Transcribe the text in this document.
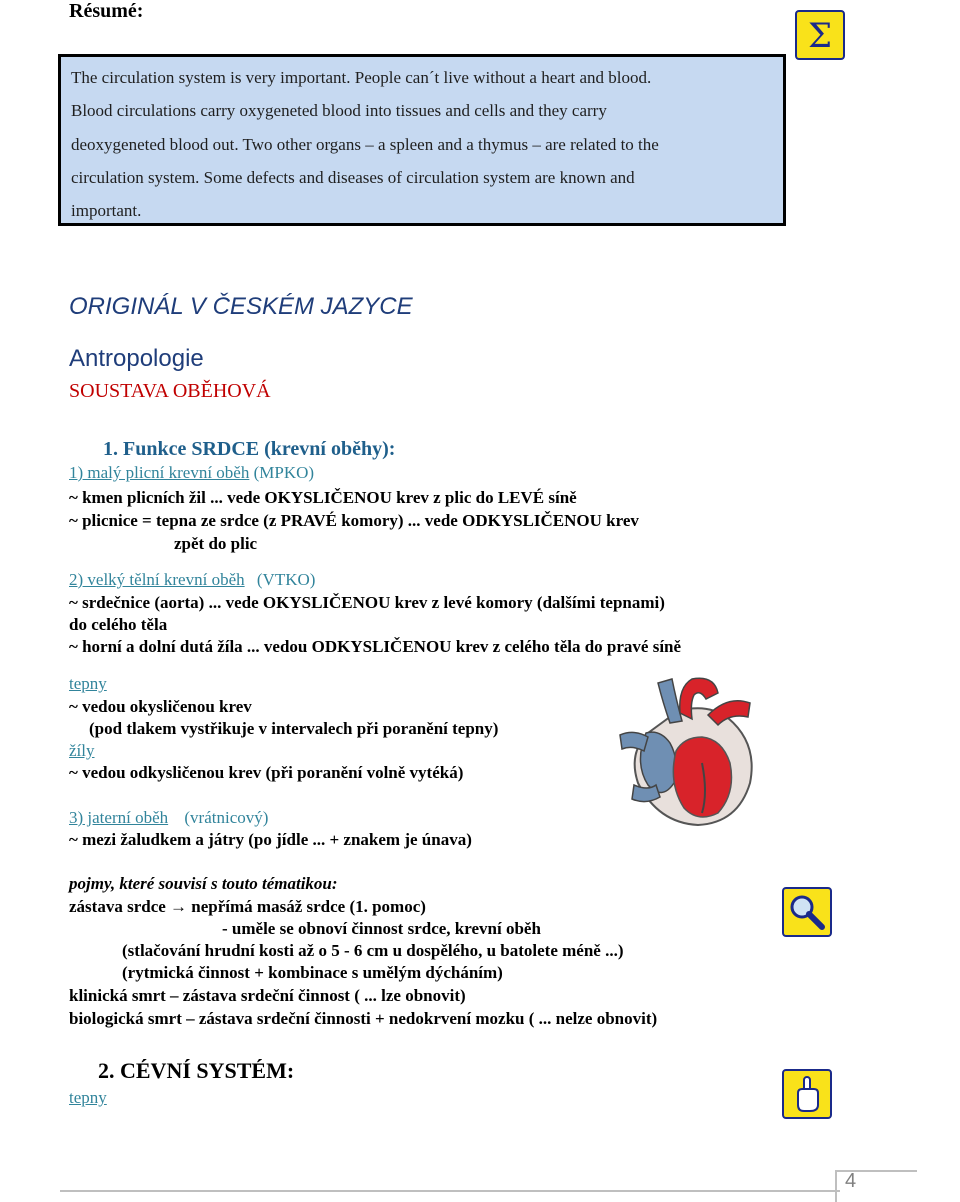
Résumé:
The circulation system is very important. People can´t live without a heart and blood.
Blood circulations carry oxygeneted blood into tissues and cells and they carry
deoxygeneted blood out. Two other organs – a spleen and a thymus – are related to the
circulation system. Some defects and diseases of circulation system are known and
important.
Σ
ORIGINÁL V ČESKÉM JAZYCE
Antropologie
SOUSTAVA OBĚHOVÁ
1. Funkce SRDCE (krevní oběhy):
1) malý plicní krevní oběh (MPKO)
~ kmen plicních žil ... vede OKYSLIČENOU krev z plic do LEVÉ síně
~ plicnice = tepna ze srdce (z PRAVÉ komory) ... vede ODKYSLIČENOU krev
zpět do plic
2) velký tělní krevní oběh (VTKO)
~ srdečnice (aorta) ... vede OKYSLIČENOU krev z levé komory (dalšími tepnami)
do celého těla
~ horní a dolní dutá žíla ... vedou ODKYSLIČENOU krev z celého těla do pravé síně
tepny
~ vedou okysličenou krev
(pod tlakem vystřikuje v intervalech při poranění tepny)
žíly
~ vedou odkysličenou krev (při poranění volně vytéká)
3) jaterní oběh (vrátnicový)
~ mezi žaludkem a játry (po jídle ... + znakem je únava)
pojmy, které souvisí s touto tématikou:
zástava srdce → nepřímá masáž srdce (1. pomoc)
- uměle se obnoví činnost srdce, krevní oběh
(stlačování hrudní kosti až o 5 - 6 cm u dospělého, u batolete méně ...)
(rytmická činnost + kombinace s umělým dýcháním)
klinická smrt – zástava srdeční činnost ( ... lze obnovit)
biologická smrt – zástava srdeční činnosti + nedokrvení mozku ( ... nelze obnovit)
2. CÉVNÍ SYSTÉM:
tepny
4
